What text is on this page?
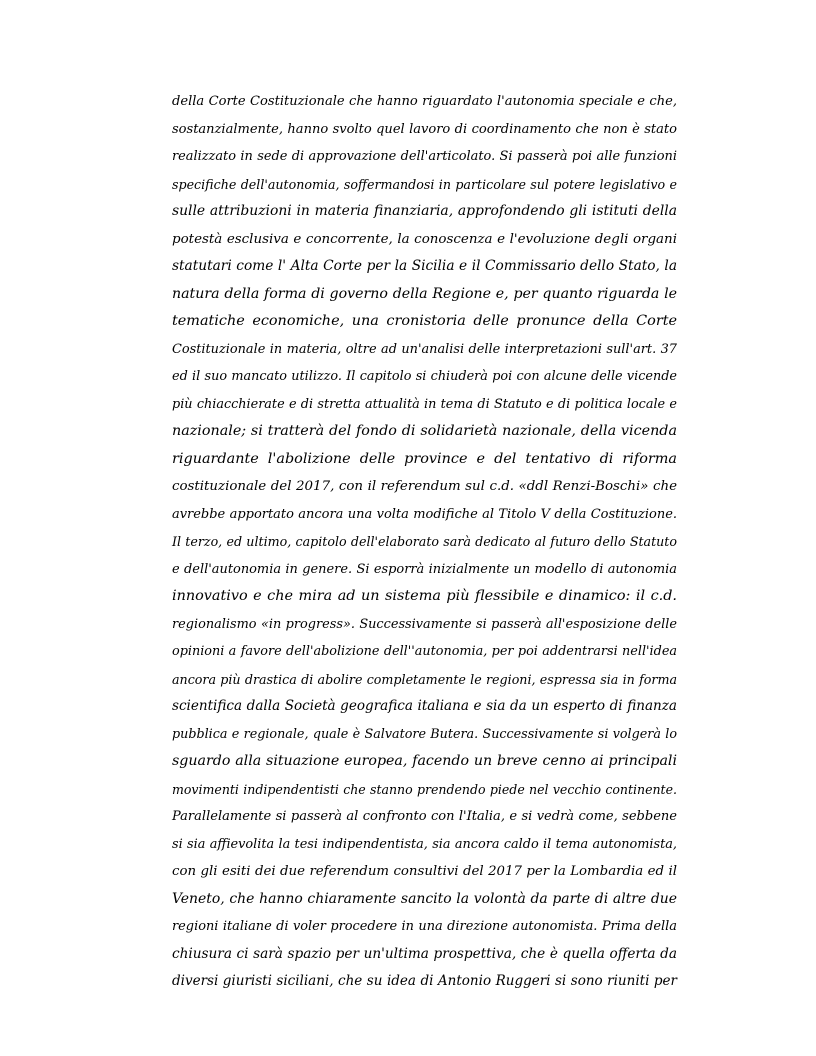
della Corte Costituzionale che hanno riguardato l'autonomia speciale e che,
sostanzialmente, hanno svolto quel lavoro di coordinamento che non è stato
realizzato in sede di approvazione dell'articolato. Si passerà poi alle funzioni
specifiche dell'autonomia, soffermandosi in particolare sul potere legislativo e
sulle attribuzioni in materia finanziaria, approfondendo gli istituti della
potestà esclusiva e concorrente, la conoscenza e l'evoluzione degli organi
statutari come l' Alta Corte per la Sicilia e il Commissario dello Stato, la
natura della forma di governo della Regione e, per quanto riguarda le
tematiche economiche, una cronistoria delle pronunce della Corte
Costituzionale in materia, oltre ad un'analisi delle interpretazioni sull'art. 37
ed il suo mancato utilizzo. Il capitolo si chiuderà poi con alcune delle vicende
più chiacchierate e di stretta attualità in tema di Statuto e di politica locale e
nazionale; si tratterà del fondo di solidarietà nazionale, della vicenda
riguardante l'abolizione delle province e del tentativo di riforma
costituzionale del 2017, con il referendum sul c.d. «ddl Renzi-Boschi» che
avrebbe apportato ancora una volta modifiche al Titolo V della Costituzione.
Il terzo, ed ultimo, capitolo dell'elaborato sarà dedicato al futuro dello Statuto
e dell'autonomia in genere. Si esporrà inizialmente un modello di autonomia
innovativo e che mira ad un sistema più flessibile e dinamico: il c.d.
regionalismo «in progress». Successivamente si passerà all'esposizione delle
opinioni a favore dell'abolizione dell''autonomia, per poi addentrarsi nell'idea
ancora più drastica di abolire completamente le regioni, espressa sia in forma
scientifica dalla Società geografica italiana e sia da un esperto di finanza
pubblica e regionale, quale è Salvatore Butera. Successivamente si volgerà lo
sguardo alla situazione europea, facendo un breve cenno ai principali
movimenti indipendentisti che stanno prendendo piede nel vecchio continente.
Parallelamente si passerà al confronto con l'Italia, e si vedrà come, sebbene
si sia affievolita la tesi indipendentista, sia ancora caldo il tema autonomista,
con gli esiti dei due referendum consultivi del 2017 per la Lombardia ed il
Veneto, che hanno chiaramente sancito la volontà da parte di altre due
regioni italiane di voler procedere in una direzione autonomista. Prima della
chiusura ci sarà spazio per un'ultima prospettiva, che è quella offerta da
diversi giuristi siciliani, che su idea di Antonio Ruggeri si sono riuniti per
